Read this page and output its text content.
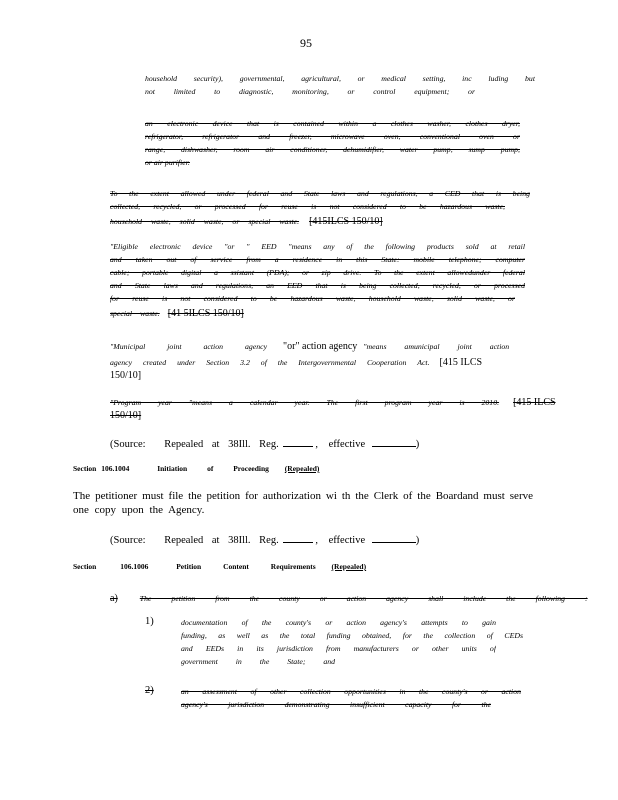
95
household security), governmental, agricultural, or medical setting, inc luding but
not limited to diagnostic, monitoring, or control equipment; or
an electronic device that is contained within a clothes washer, clothes dryer,
refrigerator, refrigerator and freezer, microwave oven, conventional oven or
range, dishwasher, room air conditioner, dehumidifier, water pump, sump pump,
or air purifier.
To the extent allowed under federal and State laws and regulations, a CED that is being
collected, recycled, or processed for reuse is not considered to be hazardous waste,
household waste, solid waste, or special waste. [415ILCS 150/10]
"Eligible electronic device "or " EED "means any of the following products sold at retail
and taken out of service from a residence in this State: mobile telephone; computer
cable; portable digital a ssistant (PDA); or zip drive. To the extent allowedunder federal
and State laws and regulations, an EED that is being collected, recycled, or processed
for reuse is not considered to be hazardous waste, household waste, solid waste, or
special waste. [41 5ILCS 150/10]
"Municipal joint action agency "or" action agency "means amunicipal joint action
agency created under Section 3.2 of the Intergovernmental Cooperation Act. [415 ILCS
150/10]
"Program year "means a calendar year. The first program year is 2010. [415 ILCS
150/10]
(Source: Repealed at 38Ill. Reg.	, effective	)
Section 106.1004	Initiation of Proceeding (Repealed)
The petitioner must file the petition for authorization wi th the Clerk of the Boardand must serve
one copy upon the Agency.
(Source: Repealed at 38Ill. Reg.	, effective	)
Section 106.1006	Petition Content Requirements (Repealed)
a)	The petition from the county or action agency shall include the following :
1)	documentation of the county's or action agency's attempts to gain
funding, as well as the total funding obtained, for the collection of CEDs
and EEDs in its jurisdiction from manufacturers or other units of
government in the State; and
2)	an assessment of other collection opportunities in the county's or action
agency's jurisdiction demonstrating insufficient capacity for the
